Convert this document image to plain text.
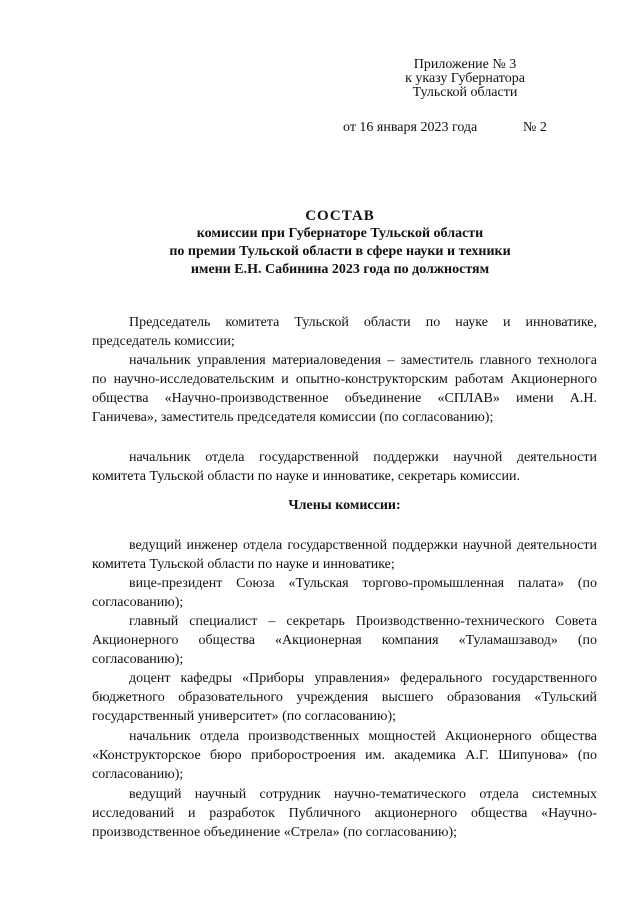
Приложение № 3
к указу Губернатора
Тульской области
от 16 января 2023 года	№ 2
СОСТАВ
комиссии при Губернаторе Тульской области
по премии Тульской области в сфере науки и техники
имени Е.Н. Сабинина 2023 года по должностям

Председатель комитета Тульской области по науке и инноватике, председатель комиссии;

начальник управления материаловедения – заместитель главного технолога по научно-исследовательским и опытно-конструкторским работам Акционерного общества «Научно-производственное объединение «СПЛАВ» имени А.Н. Ганичева», заместитель председателя комиссии (по согласованию);

начальник отдела государственной поддержки научной деятельности комитета Тульской области по науке и инноватике, секретарь комиссии.

Члены комиссии:

ведущий инженер отдела государственной поддержки научной деятельности комитета Тульской области по науке и инноватике;

вице-президент Союза «Тульская торгово-промышленная палата» (по согласованию);

главный специалист – секретарь Производственно-технического Совета Акционерного общества «Акционерная компания «Туламашзавод» (по согласованию);

доцент кафедры «Приборы управления» федерального государственного бюджетного образовательного учреждения высшего образования «Тульский государственный университет» (по согласованию);

начальник отдела производственных мощностей Акционерного общества «Конструкторское бюро приборостроения им. академика А.Г. Шипунова» (по согласованию);

ведущий научный сотрудник научно-тематического отдела системных исследований и разработок Публичного акционерного общества «Научно-производственное объединение «Стрела» (по согласованию);
